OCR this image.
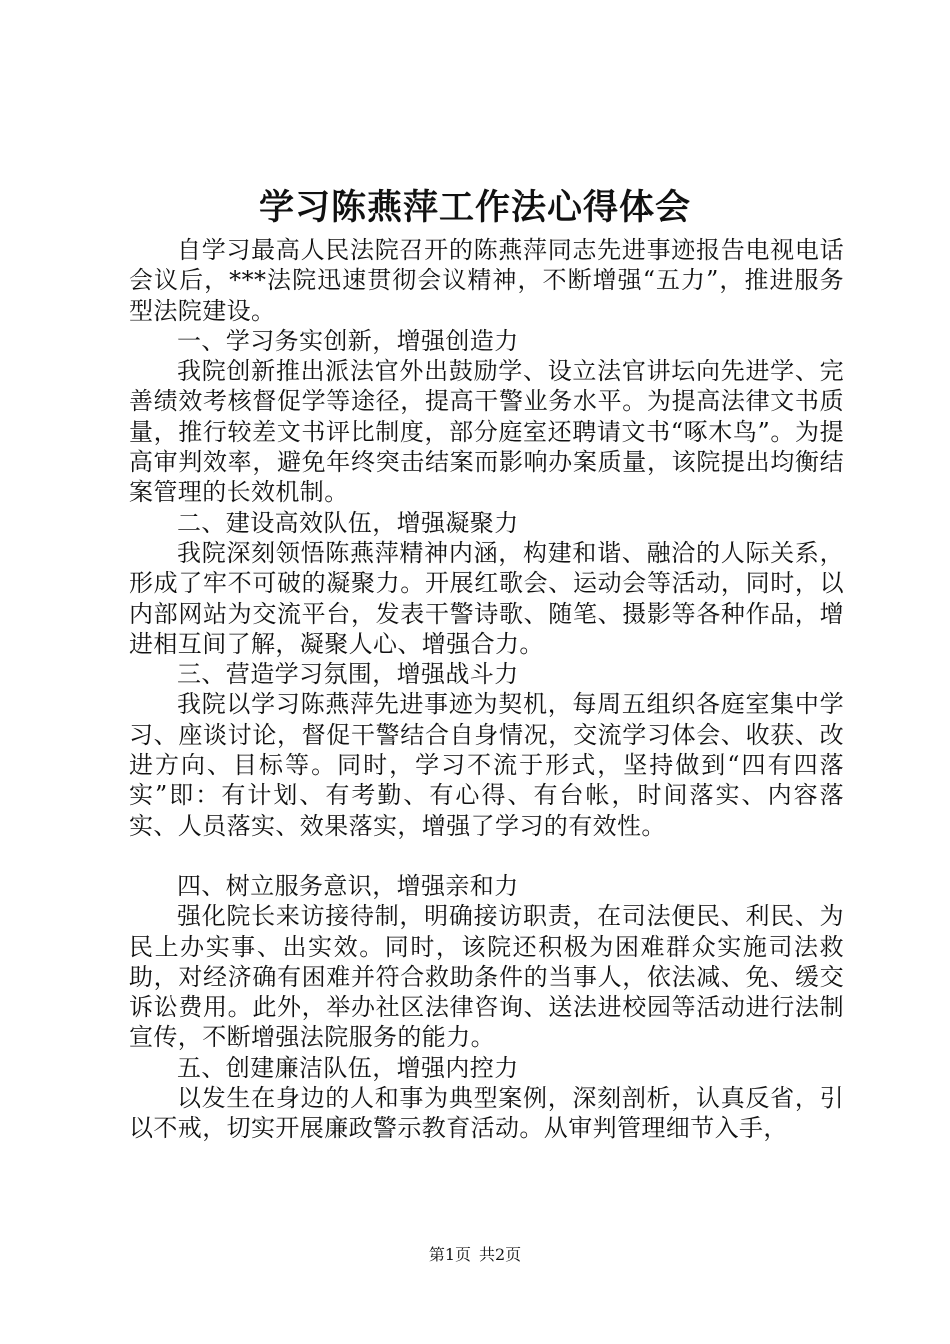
学习陈燕萍工作法心得体会

自学习最高人民法院召开的陈燕萍同志先进事迹报告电视电话会议后，***法院迅速贯彻会议精神，不断增强“五力”，推进服务型法院建设。

一、学习务实创新，增强创造力

我院创新推出派法官外出鼓励学、设立法官讲坛向先进学、完善绩效考核督促学等途径，提高干警业务水平。为提高法律文书质量，推行较差文书评比制度，部分庭室还聘请文书“啄木鸟”。为提高审判效率，避免年终突击结案而影响办案质量，该院提出均衡结案管理的长效机制。

二、建设高效队伍，增强凝聚力

我院深刻领悟陈燕萍精神内涵，构建和谐、融洽的人际关系，形成了牢不可破的凝聚力。开展红歌会、运动会等活动，同时，以内部网站为交流平台，发表干警诗歌、随笔、摄影等各种作品，增进相互间了解，凝聚人心、增强合力。

三、营造学习氛围，增强战斗力

我院以学习陈燕萍先进事迹为契机，每周五组织各庭室集中学习、座谈讨论，督促干警结合自身情况，交流学习体会、收获、改进方向、目标等。同时，学习不流于形式，坚持做到“四有四落实”即：有计划、有考勤、有心得、有台帐，时间落实、内容落实、人员落实、效果落实，增强了学习的有效性。

四、树立服务意识，增强亲和力

强化院长来访接待制，明确接访职责，在司法便民、利民、为民上办实事、出实效。同时，该院还积极为困难群众实施司法救助，对经济确有困难并符合救助条件的当事人，依法减、免、缓交诉讼费用。此外，举办社区法律咨询、送法进校园等活动进行法制宣传，不断增强法院服务的能力。

五、创建廉洁队伍，增强内控力

以发生在身边的人和事为典型案例，深刻剖析，认真反省，引以不戒，切实开展廉政警示教育活动。从审判管理细节入手，

第1页 共2页
